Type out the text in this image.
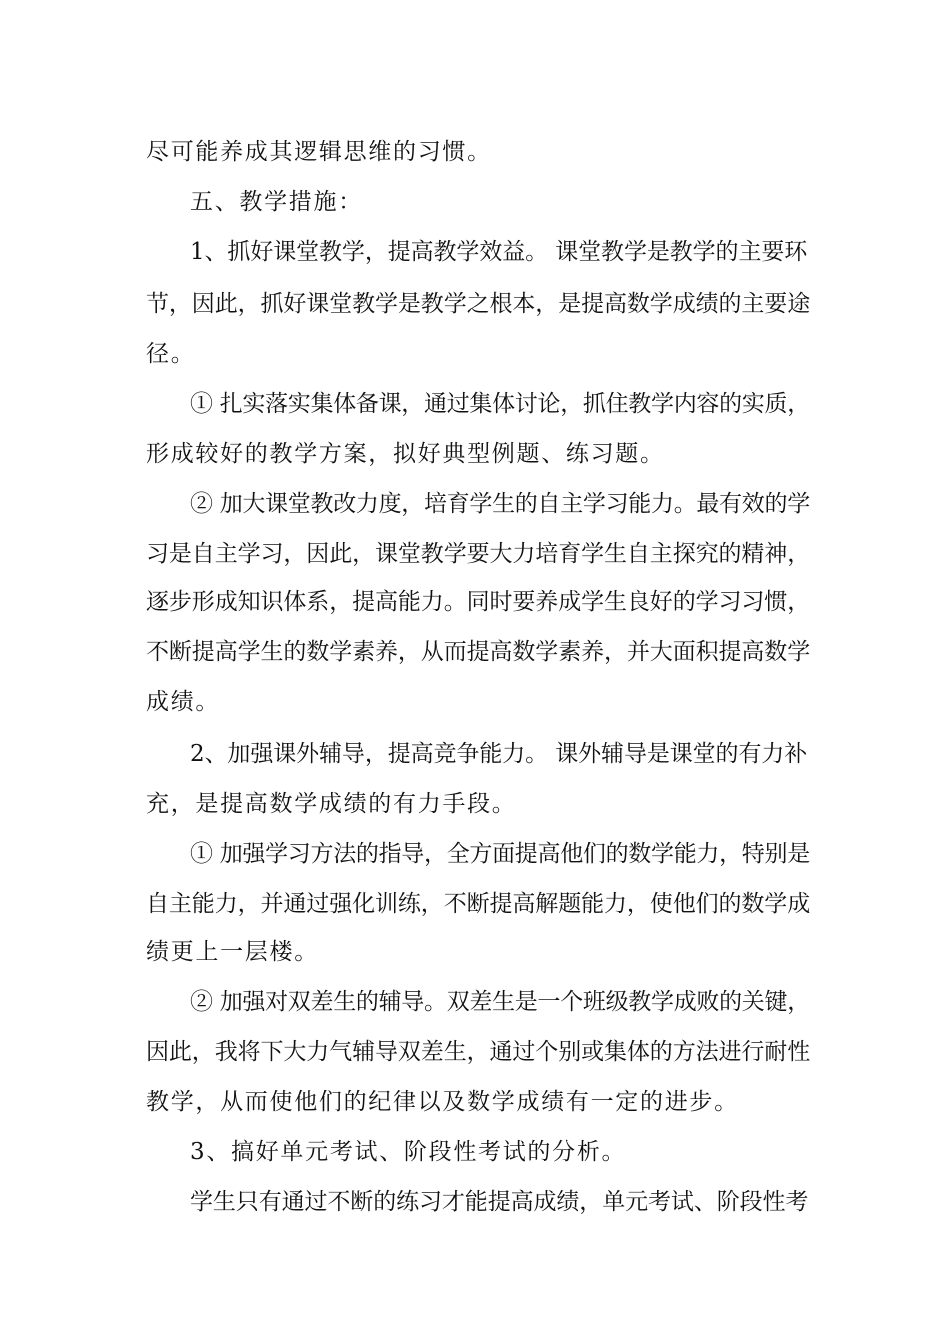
尽可能养成其逻辑思维的习惯。
五、教学措施：
1、抓好课堂教学，提高教学效益。 课堂教学是教学的主要环
节，因此，抓好课堂教学是教学之根本，是提高数学成绩的主要途
径。
① 扎实落实集体备课，通过集体讨论，抓住教学内容的实质，
形成较好的教学方案，拟好典型例题、练习题。
② 加大课堂教改力度，培育学生的自主学习能力。最有效的学
习是自主学习，因此，课堂教学要大力培育学生自主探究的精神，
逐步形成知识体系，提高能力。同时要养成学生良好的学习习惯，
不断提高学生的数学素养，从而提高数学素养，并大面积提高数学
成绩。
2、加强课外辅导，提高竞争能力。 课外辅导是课堂的有力补
充，是提高数学成绩的有力手段。
① 加强学习方法的指导，全方面提高他们的数学能力，特别是
自主能力，并通过强化训练，不断提高解题能力，使他们的数学成
绩更上一层楼。
② 加强对双差生的辅导。双差生是一个班级教学成败的关键，
因此，我将下大力气辅导双差生，通过个别或集体的方法进行耐性
教学，从而使他们的纪律以及数学成绩有一定的进步。
3、搞好单元考试、阶段性考试的分析。
学生只有通过不断的练习才能提高成绩，单元考试、阶段性考
